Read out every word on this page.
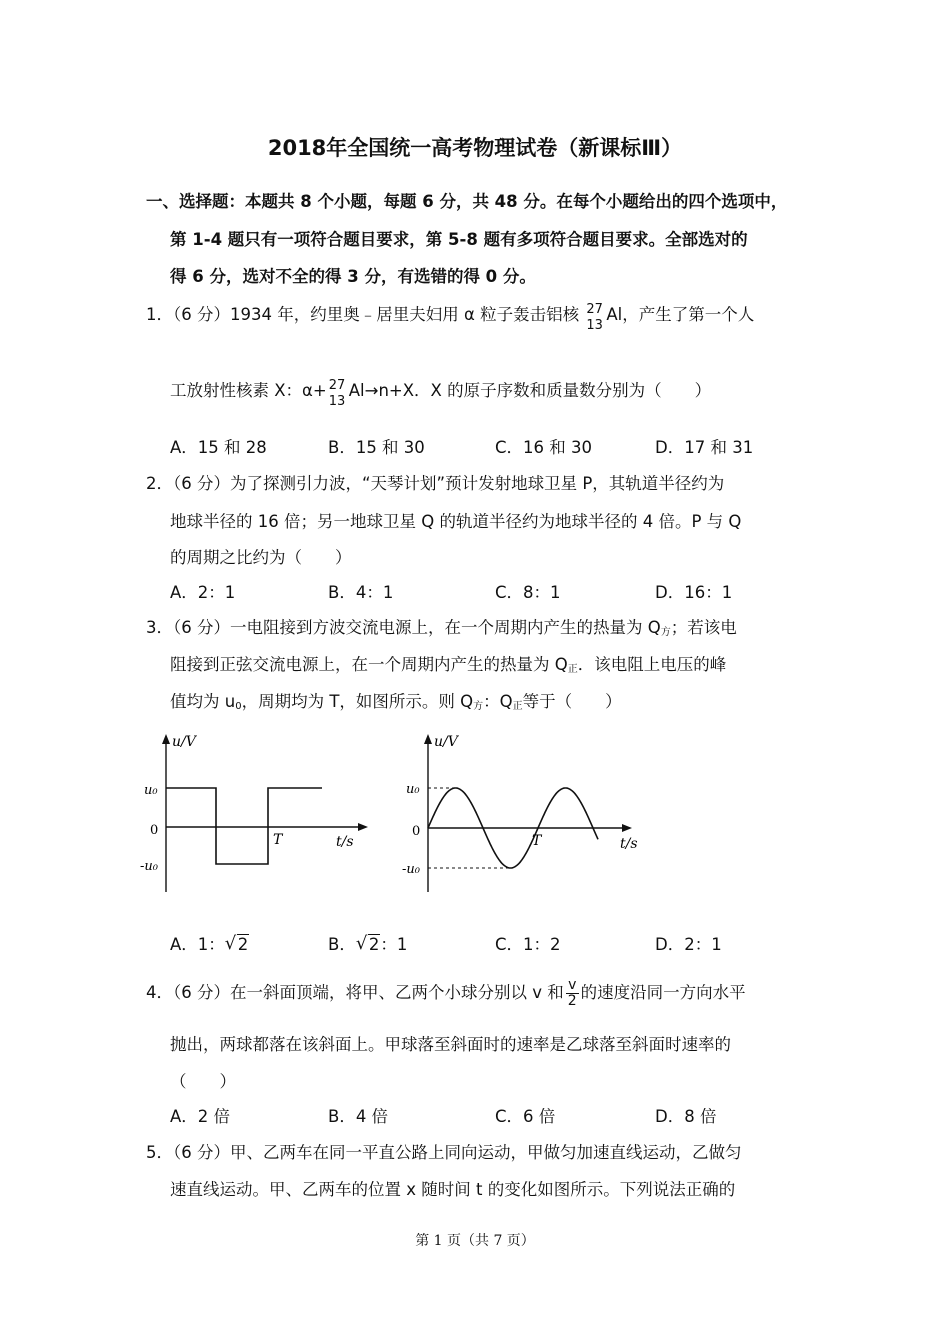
2018年全国统一高考物理试卷（新课标Ⅲ）
一、选择题：本题共 8 个小题，每题 6 分，共 48 分。在每个小题给出的四个选项中，
第 1-4 题只有一项符合题目要求，第 5-8 题有多项符合题目要求。全部选对的
得 6 分，选对不全的得 3 分，有选错的得 0 分。
1．（6 分）1934 年，约里奥﹣居里夫妇用 α 粒子轰击铝核 27
13
Al，产生了第一个人
工放射性核素 X：α+ 27
13
Al→n+X．X 的原子序数和质量数分别为（　　）
A．15 和 28	B．15 和 30	C．16 和 30	D．17 和 31
2．（6 分）为了探测引力波，“天琴计划”预计发射地球卫星 P，其轨道半径约为
地球半径的 16 倍；另一地球卫星 Q 的轨道半径约为地球半径的 4 倍。P 与 Q
的周期之比约为（　　）
A．2：1	B．4：1	C．8：1	D．16：1
3．（6 分）一电阻接到方波交流电源上，在一个周期内产生的热量为 $Q_方$；若该电
阻接到正弦交流电源上，在一个周期内产生的热量为 $Q_正$．该电阻上电压的峰
值均为 $u_0$，周期均为 T，如图所示。则 $Q_方$：$Q_正$等于（　　）
u/V
t/s
u₀
0
-u₀
T
u/V
t/s
u₀
0
-u₀
T
A．1： √ 2	B． √ 2：1	C．1：2	D．2：1
4．（6 分）在一斜面顶端，将甲、乙两个小球分别以 v 和 $\frac{v}{2}$ 的速度沿同一方向水平
抛出，两球都落在该斜面上。甲球落至斜面时的速率是乙球落至斜面时速率的
（　　）
A．2 倍	B．4 倍	C．6 倍	D．8 倍
5．（6 分）甲、乙两车在同一平直公路上同向运动，甲做匀加速直线运动，乙做匀
速直线运动。甲、乙两车的位置 x 随时间 t 的变化如图所示。下列说法正确的
第 1 页（共 7 页）
